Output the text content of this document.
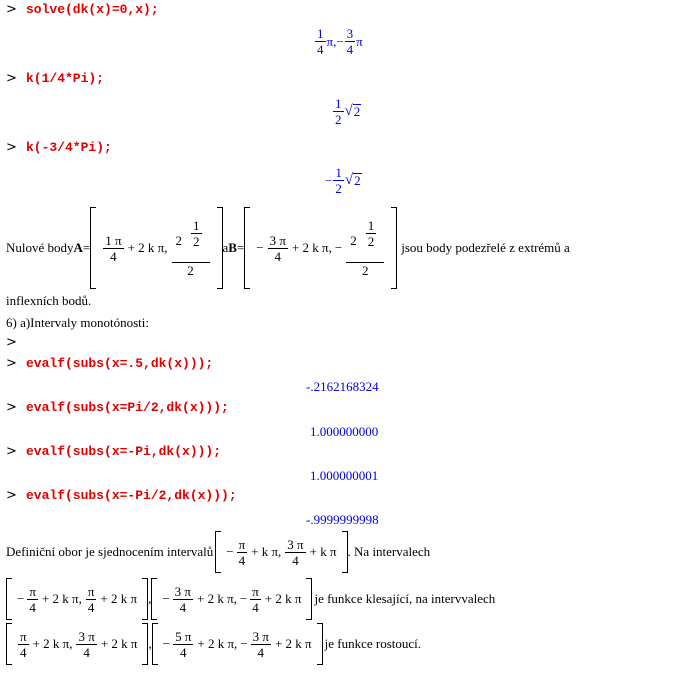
> solve(dk(x)=0,x);
$\frac{1}{4}$ π , − $\frac{3}{4}$ π
> k(1/4*Pi);
$\frac{1}{2}$ √ 2
> k(-3/4*Pi);
− $\frac{1}{2}$ √ 2
Nulové body $A = \frac{1 \pi}{4} + 2$ k π, 2
1
2
2 a B = − $\frac{3 \pi}{4} + 2$ k π, − 2
1
2
2 jsou body podezřelé z extrémů a
inflexních bodů.
6) a)Intervaly monotónosti:
>
> evalf(subs(x=.5,dk(x)));
-.2162168324
> evalf(subs(x=Pi/2,dk(x)));
1.000000000
> evalf(subs(x=-Pi,dk(x)));
1.000000001
> evalf(subs(x=-Pi/2,dk(x)));
-.9999999998
Definiční obor je sjednocením intervalů − $\frac{\pi}{4} + k$ π, $\frac{3 \pi}{4} + k$ π . Na intervalech
− $\frac{\pi}{4} + 2$ k π, $\frac{\pi}{4} + 2$ k π , − $\frac{3 \pi}{4} + 2$ k π, − $\frac{\pi}{4} + 2$ k π je funkce klesající, na intervvalech
$\frac{\pi}{4} + 2$ k π, $\frac{3 \pi}{4} + 2$ k π , − $\frac{5 \pi}{4} + 2$ k π, − $\frac{3 \pi}{4} + 2$ k π je funkce rostoucí.
